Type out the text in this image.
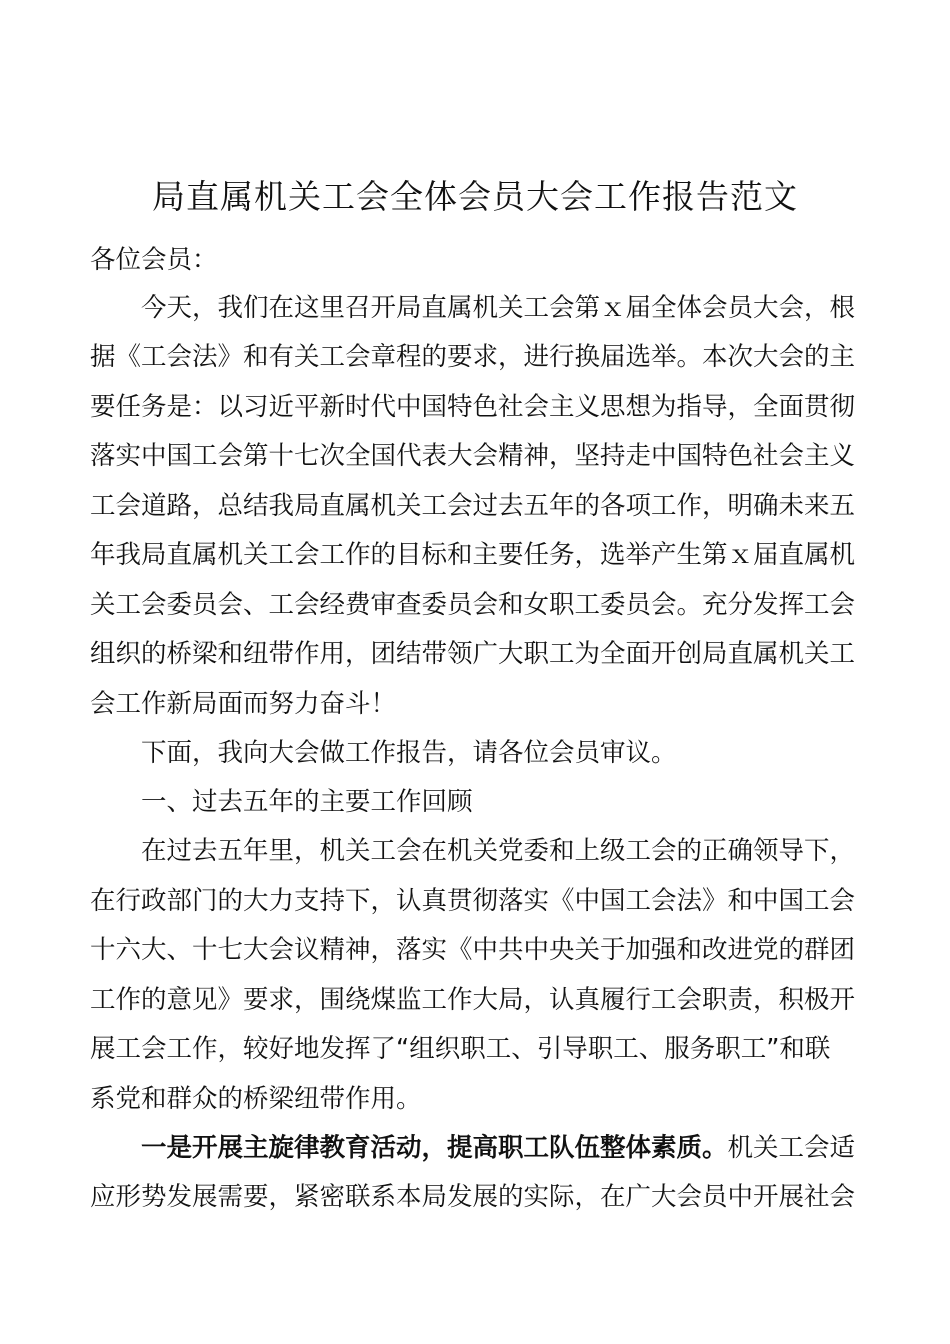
局直属机关工会全体会员大会工作报告范文
各位会员：
今天，我们在这里召开局直属机关工会第ｘ届全体会员大会，根
据《工会法》和有关工会章程的要求，进行换届选举。本次大会的主
要任务是：以习近平新时代中国特色社会主义思想为指导，全面贯彻
落实中国工会第十七次全国代表大会精神，坚持走中国特色社会主义
工会道路，总结我局直属机关工会过去五年的各项工作，明确未来五
年我局直属机关工会工作的目标和主要任务，选举产生第ｘ届直属机
关工会委员会、工会经费审查委员会和女职工委员会。充分发挥工会
组织的桥梁和纽带作用，团结带领广大职工为全面开创局直属机关工
会工作新局面而努力奋斗！
下面，我向大会做工作报告，请各位会员审议。
一、过去五年的主要工作回顾
在过去五年里，机关工会在机关党委和上级工会的正确领导下，
在行政部门的大力支持下，认真贯彻落实《中国工会法》和中国工会
十六大、十七大会议精神，落实《中共中央关于加强和改进党的群团
工作的意见》要求，围绕煤监工作大局，认真履行工会职责，积极开
展工会工作，较好地发挥了“组织职工、引导职工、服务职工”和联
系党和群众的桥梁纽带作用。
一是开展主旋律教育活动，提高职工队伍整体素质。机关工会适
应形势发展需要，紧密联系本局发展的实际，在广大会员中开展社会
